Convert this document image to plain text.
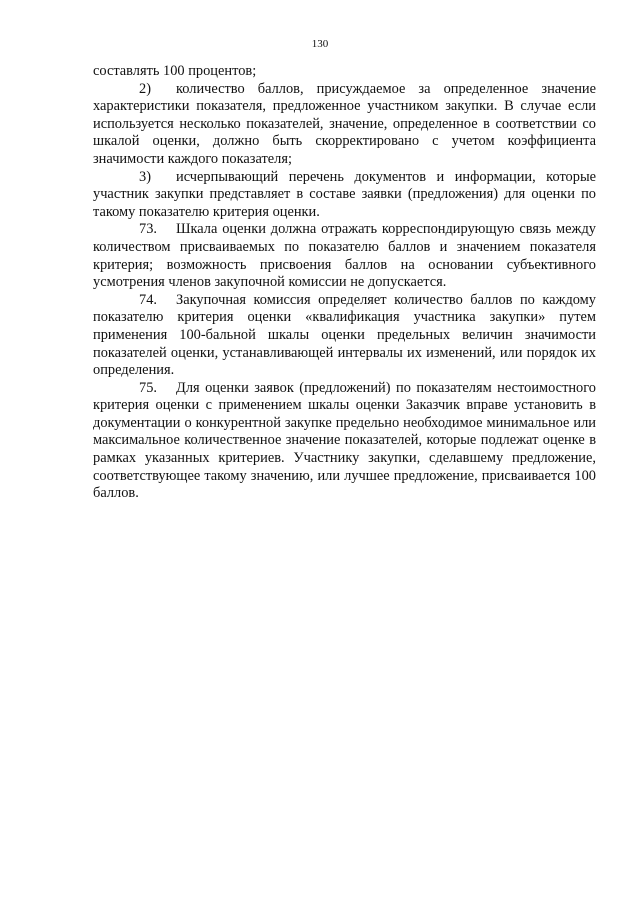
130

составлять 100 процентов;

2) количество баллов, присуждаемое за определенное значение характеристики показателя, предложенное участником закупки. В случае если используется несколько показателей, значение, определенное в соответствии со шкалой оценки, должно быть скорректировано с учетом коэффициента значимости каждого показателя;

3) исчерпывающий перечень документов и информации, которые участник закупки представляет в составе заявки (предложения) для оценки по такому показателю критерия оценки.

73. Шкала оценки должна отражать корреспондирующую связь между количеством присваиваемых по показателю баллов и значением показателя критерия; возможность присвоения баллов на основании субъективного усмотрения членов закупочной комиссии не допускается.

74. Закупочная комиссия определяет количество баллов по каждому показателю критерия оценки «квалификация участника закупки» путем применения 100-бальной шкалы оценки предельных величин значимости показателей оценки, устанавливающей интервалы их изменений, или порядок их определения.

75. Для оценки заявок (предложений) по показателям нестоимостного критерия оценки с применением шкалы оценки Заказчик вправе установить в документации о конкурентной закупке предельно необходимое минимальное или максимальное количественное значение показателей, которые подлежат оценке в рамках указанных критериев. Участнику закупки, сделавшему предложение, соответствующее такому значению, или лучшее предложение, присваивается 100 баллов.
